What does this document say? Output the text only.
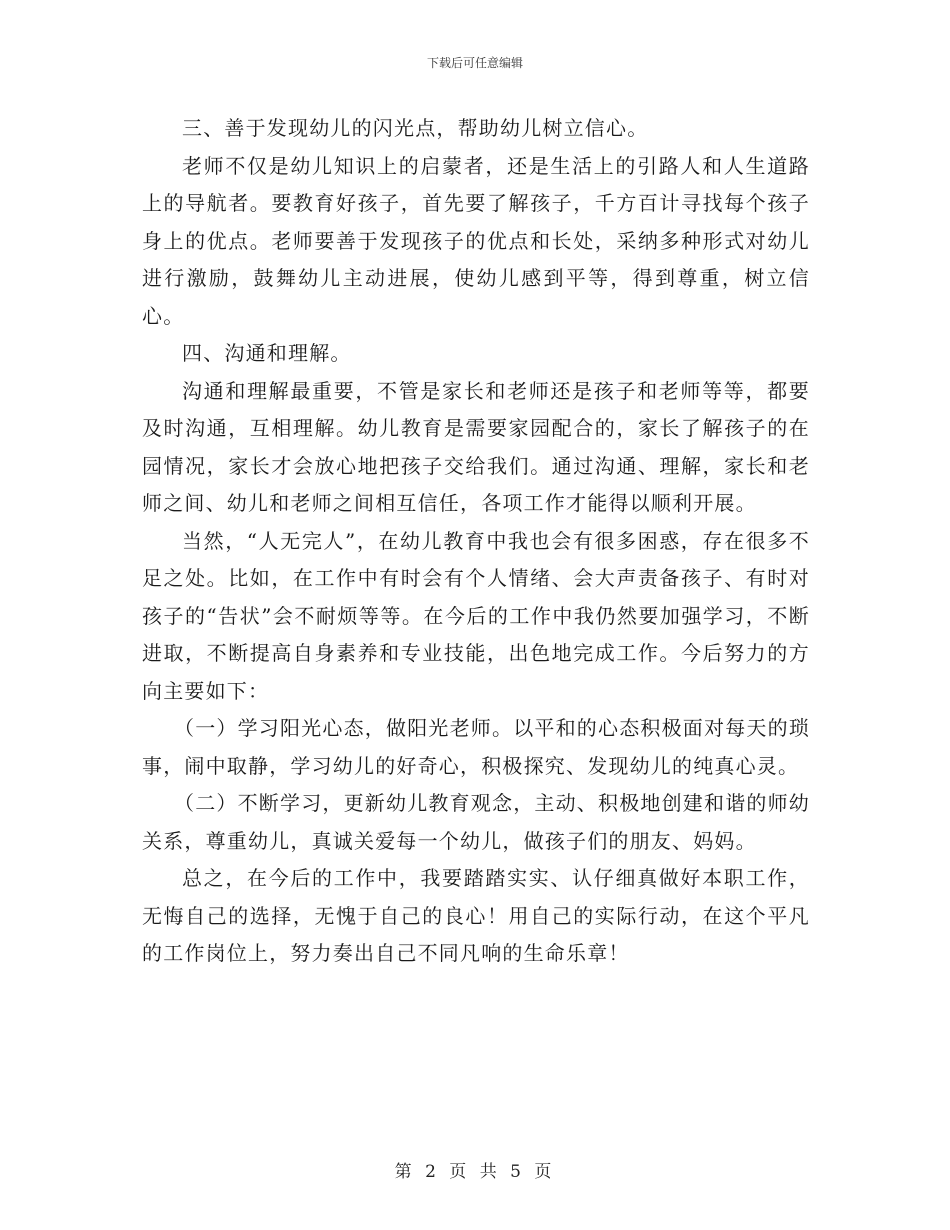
下载后可任意编辑

三、善于发现幼儿的闪光点，帮助幼儿树立信心。

老师不仅是幼儿知识上的启蒙者，还是生活上的引路人和人生道路上的导航者。要教育好孩子，首先要了解孩子，千方百计寻找每个孩子身上的优点。老师要善于发现孩子的优点和长处，采纳多种形式对幼儿进行激励，鼓舞幼儿主动进展，使幼儿感到平等，得到尊重，树立信心。

四、沟通和理解。

沟通和理解最重要，不管是家长和老师还是孩子和老师等等，都要及时沟通，互相理解。幼儿教育是需要家园配合的，家长了解孩子的在园情况，家长才会放心地把孩子交给我们。通过沟通、理解，家长和老师之间、幼儿和老师之间相互信任，各项工作才能得以顺利开展。

当然，“人无完人”，在幼儿教育中我也会有很多困惑，存在很多不足之处。比如，在工作中有时会有个人情绪、会大声责备孩子、有时对孩子的“告状”会不耐烦等等。在今后的工作中我仍然要加强学习，不断进取，不断提高自身素养和专业技能，出色地完成工作。今后努力的方向主要如下：

（一）学习阳光心态，做阳光老师。以平和的心态积极面对每天的琐事，闹中取静，学习幼儿的好奇心，积极探究、发现幼儿的纯真心灵。

（二）不断学习，更新幼儿教育观念，主动、积极地创建和谐的师幼关系，尊重幼儿，真诚关爱每一个幼儿，做孩子们的朋友、妈妈。

总之，在今后的工作中，我要踏踏实实、认仔细真做好本职工作，无悔自己的选择，无愧于自己的良心！用自己的实际行动，在这个平凡的工作岗位上，努力奏出自己不同凡响的生命乐章！

第 2 页 共 5 页
